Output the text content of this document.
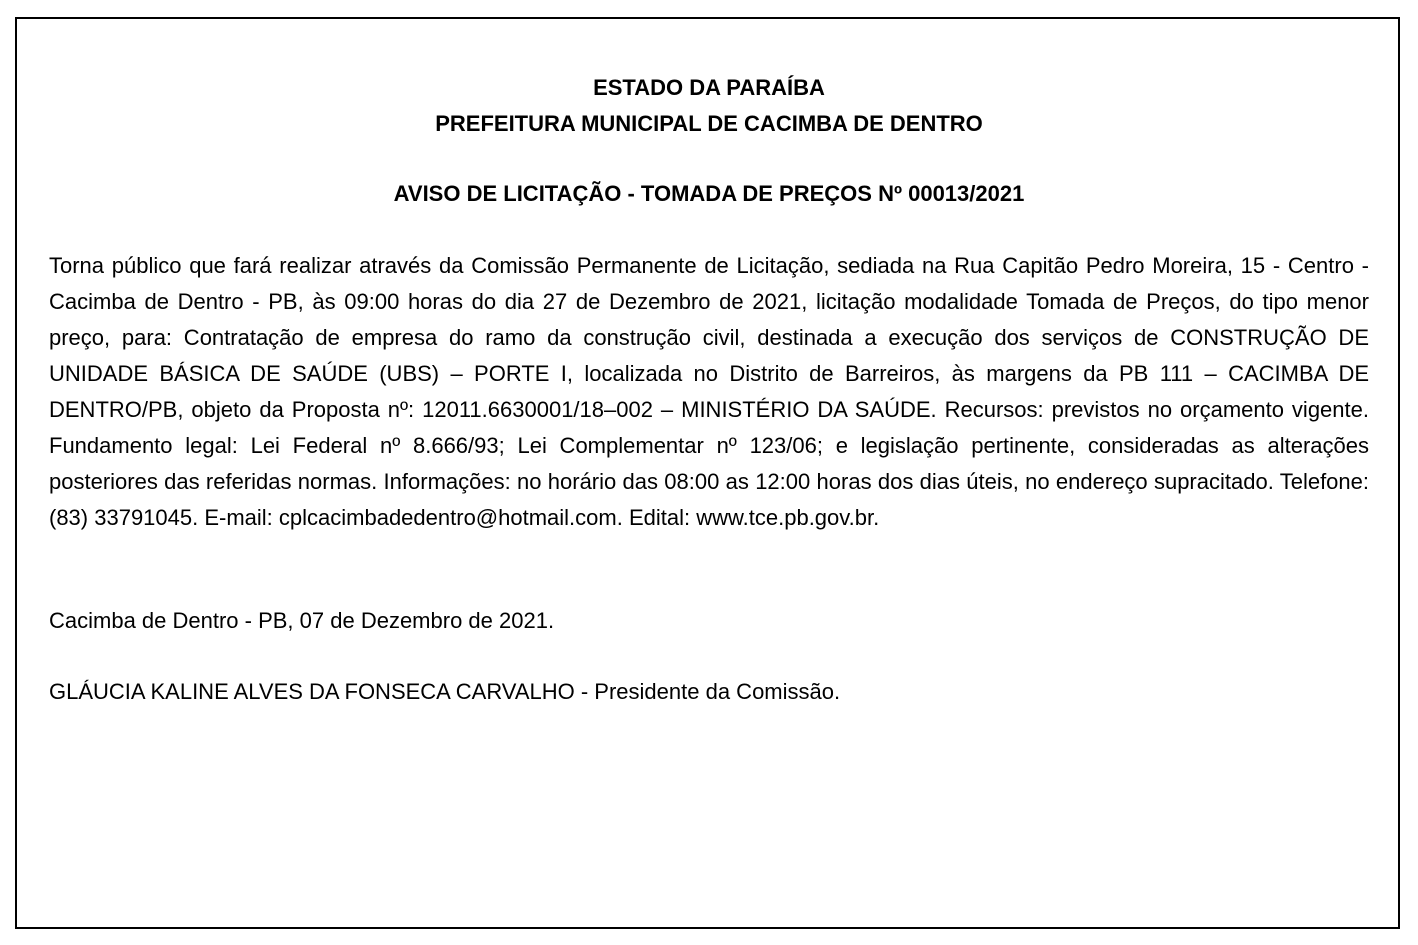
ESTADO DA PARAÍBA
PREFEITURA MUNICIPAL DE CACIMBA DE DENTRO
AVISO DE LICITAÇÃO - TOMADA DE PREÇOS Nº 00013/2021

Torna público que fará realizar através da Comissão Permanente de Licitação, sediada na Rua Capitão Pedro Moreira, 15 - Centro - Cacimba de Dentro - PB, às 09:00 horas do dia 27 de Dezembro de 2021, licitação modalidade Tomada de Preços, do tipo menor preço, para: Contratação de empresa do ramo da construção civil, destinada a execução dos serviços de CONSTRUÇÃO DE UNIDADE BÁSICA DE SAÚDE (UBS) – PORTE I, localizada no Distrito de Barreiros, às margens da PB 111 – CACIMBA DE DENTRO/PB, objeto da Proposta nº: 12011.6630001/18–002 – MINISTÉRIO DA SAÚDE. Recursos: previstos no orçamento vigente. Fundamento legal: Lei Federal nº 8.666/93; Lei Complementar nº 123/06; e legislação pertinente, consideradas as alterações posteriores das referidas normas. Informações: no horário das 08:00 as 12:00 horas dos dias úteis, no endereço supracitado. Telefone: (83) 33791045. E-mail: cplcacimbadedentro@hotmail.com. Edital: www.tce.pb.gov.br.

Cacimba de Dentro - PB, 07 de Dezembro de 2021.

GLÁUCIA KALINE ALVES DA FONSECA CARVALHO - Presidente da Comissão.
